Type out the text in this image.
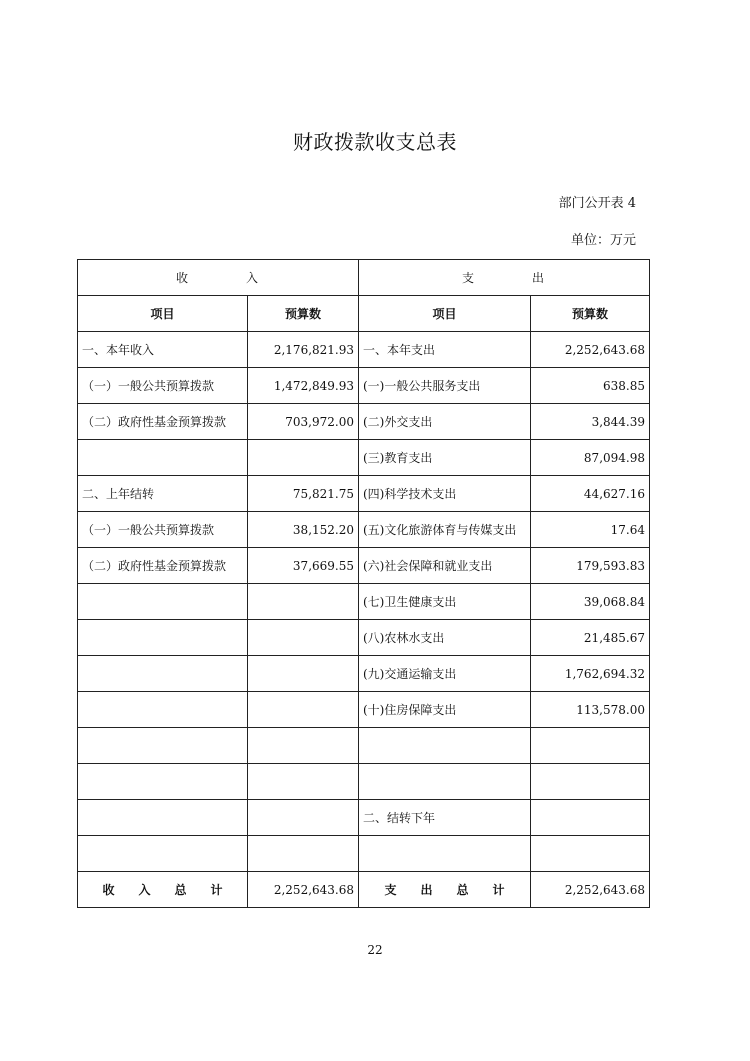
财政拨款收支总表
部门公开表 4
单位：万元
收 入		支 出	
项目	预算数	项目	预算数
一、本年收入	2,176,821.93	一、本年支出	2,252,643.68
（一）一般公共预算拨款	1,472,849.93	(一)一般公共服务支出	638.85
（二）政府性基金预算拨款	703,972.00	(二)外交支出	3,844.39
		(三)教育支出	87,094.98
二、上年结转	75,821.75	(四)科学技术支出	44,627.16
（一）一般公共预算拨款	38,152.20	(五)文化旅游体育与传媒支出	17.64
（二）政府性基金预算拨款	37,669.55	(六)社会保障和就业支出	179,593.83
		(七)卫生健康支出	39,068.84
		(八)农林水支出	21,485.67
		(九)交通运输支出	1,762,694.32
		(十)住房保障支出	113,578.00

		二、结转下年	

收 入 总 计	2,252,643.68	支 出 总 计	2,252,643.68
22
